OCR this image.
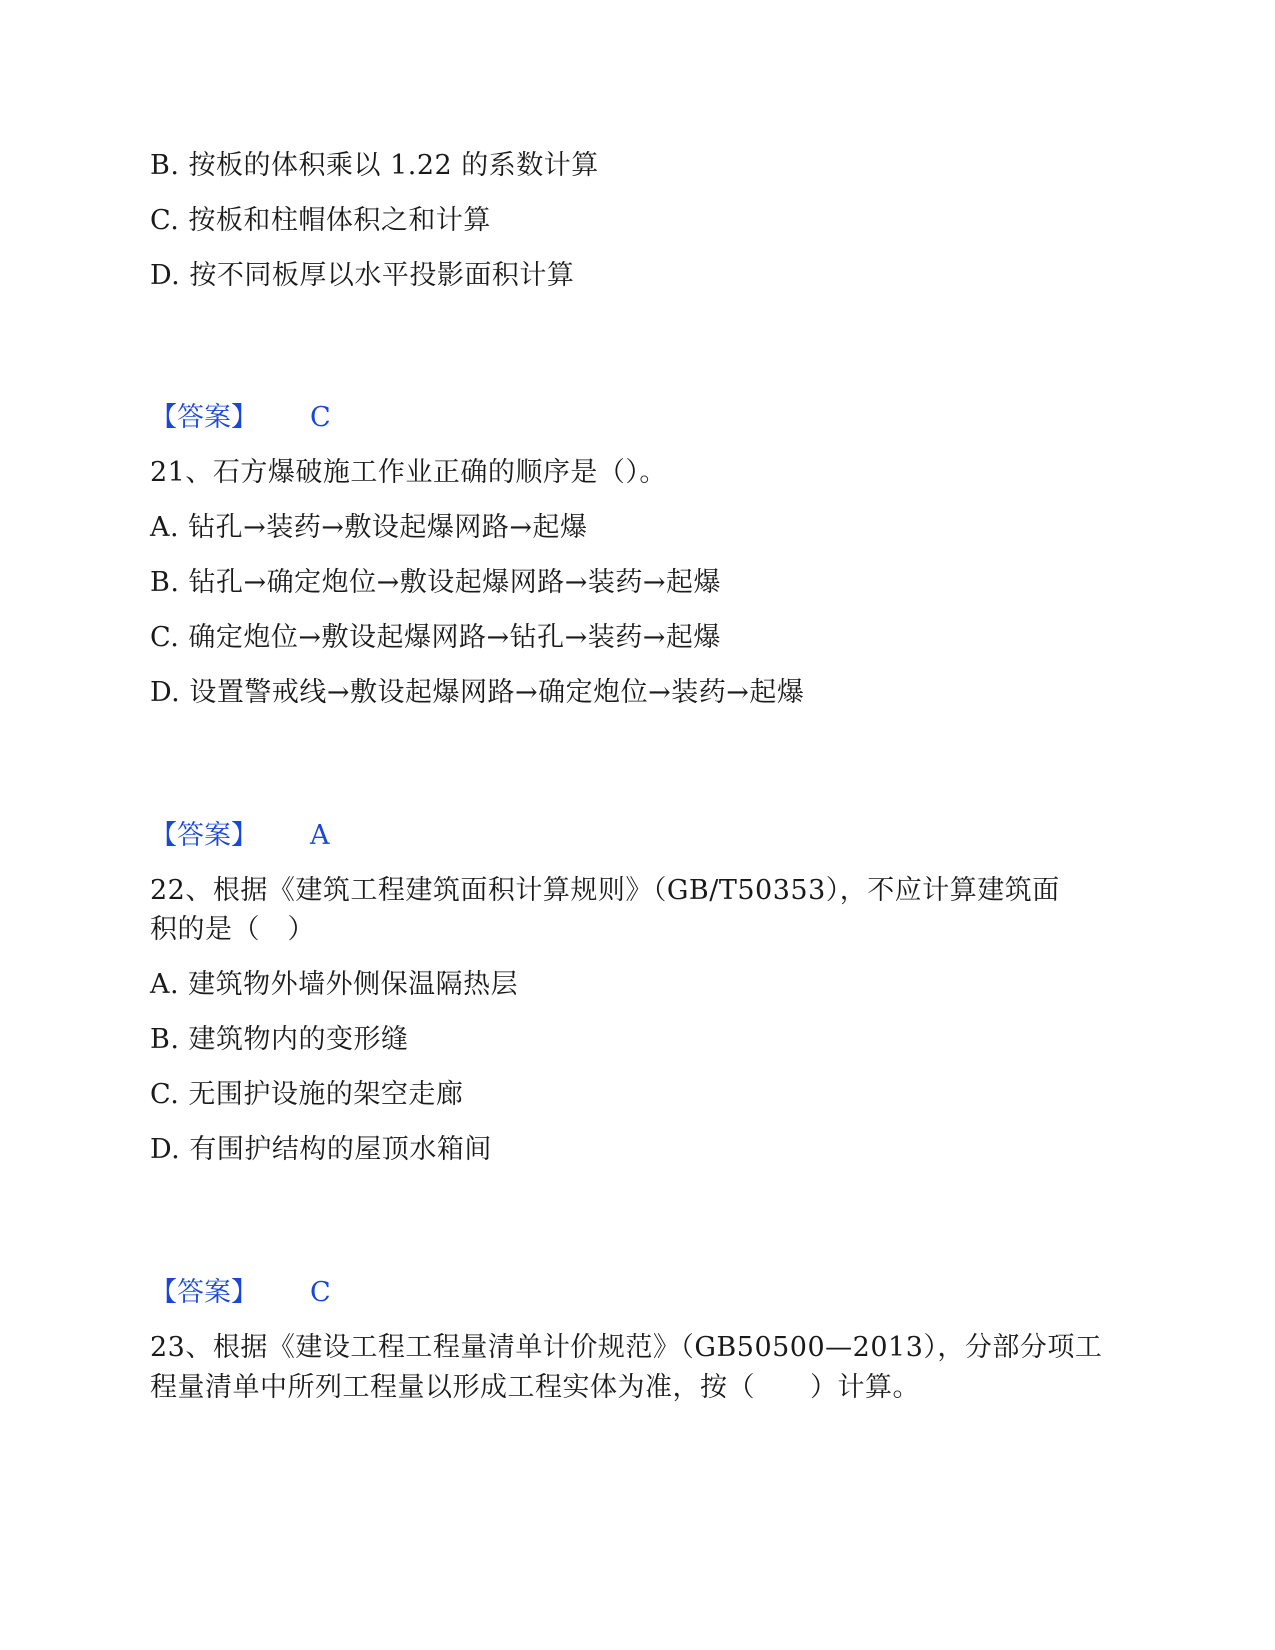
B. 按板的体积乘以 1.22 的系数计算
C. 按板和柱帽体积之和计算
D. 按不同板厚以水平投影面积计算
【答案】 C
21、石方爆破施工作业正确的顺序是（）。
A. 钻孔→装药→敷设起爆网路→起爆
B. 钻孔→确定炮位→敷设起爆网路→装药→起爆
C. 确定炮位→敷设起爆网路→钻孔→装药→起爆
D. 设置警戒线→敷设起爆网路→确定炮位→装药→起爆
【答案】 A
22、根据《建筑工程建筑面积计算规则》（GB/T50353），不应计算建筑面
积的是（　）
A. 建筑物外墙外侧保温隔热层
B. 建筑物内的变形缝
C. 无围护设施的架空走廊
D. 有围护结构的屋顶水箱间
【答案】 C
23、根据《建设工程工程量清单计价规范》（GB50500—2013），分部分项工
程量清单中所列工程量以形成工程实体为准，按（　　）计算。
